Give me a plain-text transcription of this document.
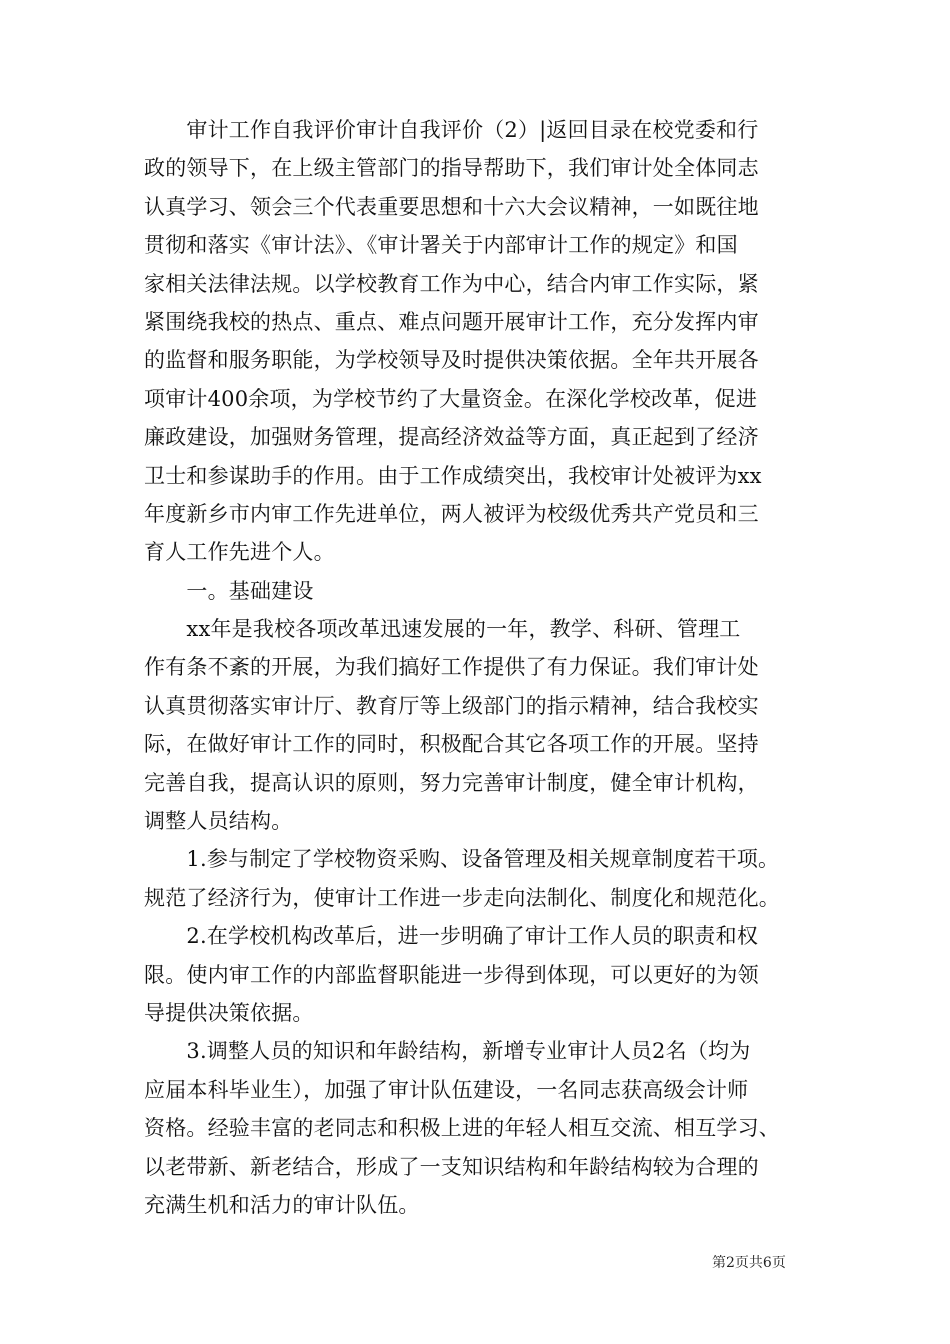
　　审计工作自我评价审计自我评价（2）|返回目录在校党委和行
政的领导下，在上级主管部门的指导帮助下，我们审计处全体同志
认真学习、领会三个代表重要思想和十六大会议精神，一如既往地
贯彻和落实《审计法》、《审计署关于内部审计工作的规定》和国
家相关法律法规。以学校教育工作为中心，结合内审工作实际，紧
紧围绕我校的热点、重点、难点问题开展审计工作，充分发挥内审
的监督和服务职能，为学校领导及时提供决策依据。全年共开展各
项审计400余项，为学校节约了大量资金。在深化学校改革，促进
廉政建设，加强财务管理，提高经济效益等方面，真正起到了经济
卫士和参谋助手的作用。由于工作成绩突出，我校审计处被评为xx
年度新乡市内审工作先进单位，两人被评为校级优秀共产党员和三
育人工作先进个人。
　　一。基础建设
　　xx年是我校各项改革迅速发展的一年，教学、科研、管理工
作有条不紊的开展，为我们搞好工作提供了有力保证。我们审计处
认真贯彻落实审计厅、教育厅等上级部门的指示精神，结合我校实
际，在做好审计工作的同时，积极配合其它各项工作的开展。坚持
完善自我，提高认识的原则，努力完善审计制度，健全审计机构，
调整人员结构。
　　1.参与制定了学校物资采购、设备管理及相关规章制度若干项。
规范了经济行为，使审计工作进一步走向法制化、制度化和规范化。
　　2.在学校机构改革后，进一步明确了审计工作人员的职责和权
限。使内审工作的内部监督职能进一步得到体现，可以更好的为领
导提供决策依据。
　　3.调整人员的知识和年龄结构，新增专业审计人员2名（均为
应届本科毕业生），加强了审计队伍建设，一名同志获高级会计师
资格。经验丰富的老同志和积极上进的年轻人相互交流、相互学习、
以老带新、新老结合，形成了一支知识结构和年龄结构较为合理的
充满生机和活力的审计队伍。
第2页共6页
